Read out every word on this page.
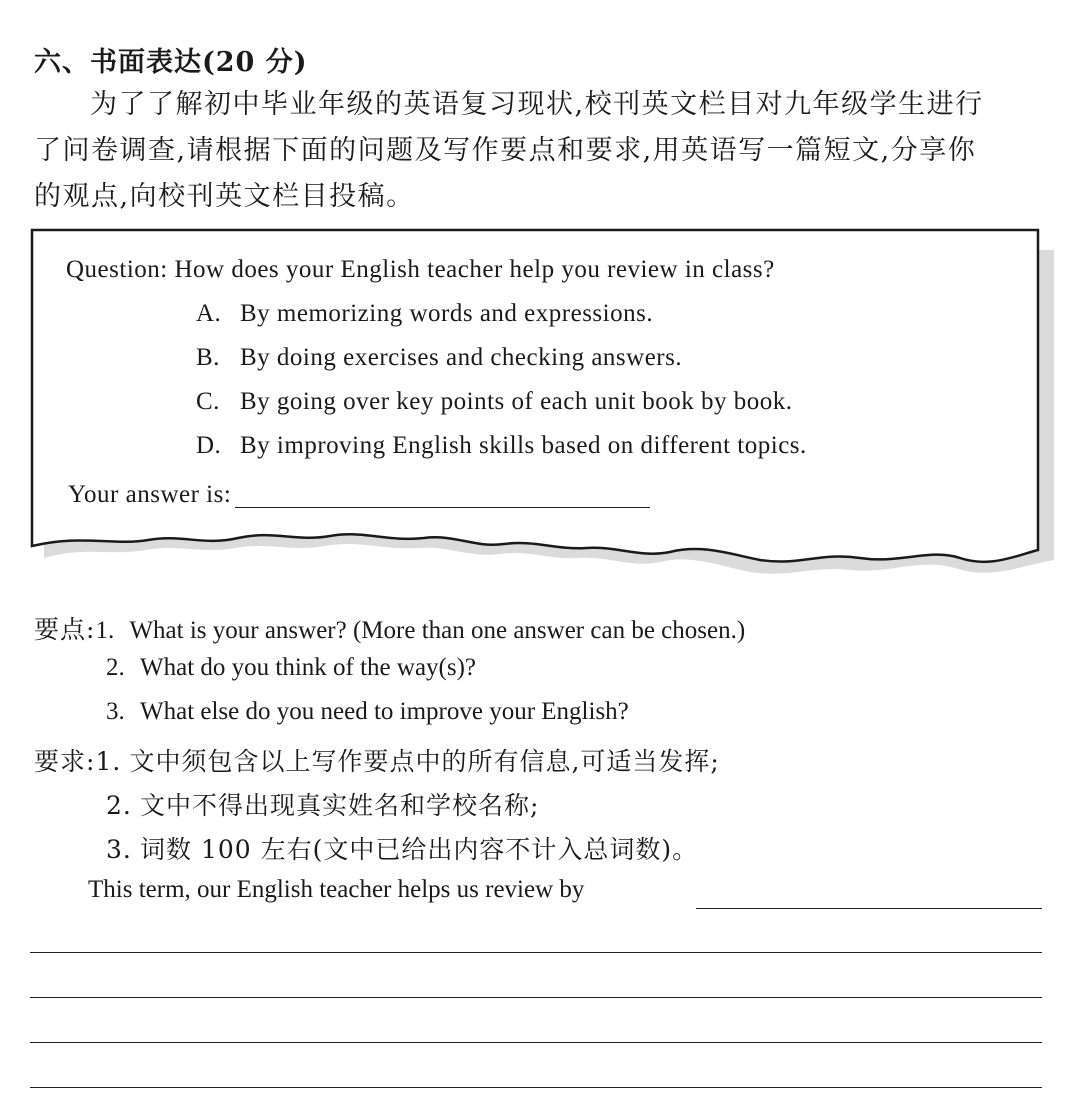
六、书面表达(20 分)
为了了解初中毕业年级的英语复习现状,校刊英文栏目对九年级学生进行
了问卷调查,请根据下面的问题及写作要点和要求,用英语写一篇短文,分享你
的观点,向校刊英文栏目投稿。
Question: How does your English teacher help you review in class?
A. By memorizing words and expressions.
B. By doing exercises and checking answers.
C. By going over key points of each unit book by book.
D. By improving English skills based on different topics.
Your answer is:
要点:1. What is your answer? (More than one answer can be chosen.)
2. What do you think of the way(s)?
3. What else do you need to improve your English?
要求:1. 文中须包含以上写作要点中的所有信息,可适当发挥;
2. 文中不得出现真实姓名和学校名称;
3. 词数 100 左右(文中已给出内容不计入总词数)。
This term, our English teacher helps us review by
